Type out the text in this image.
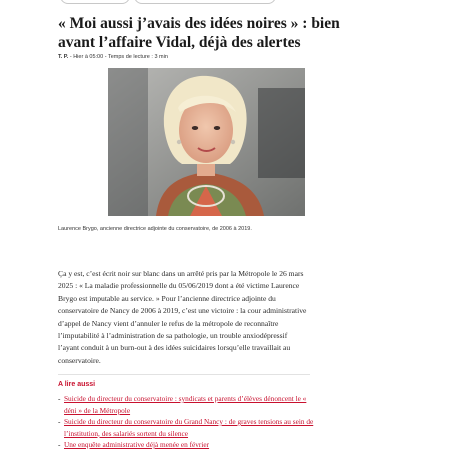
« Moi aussi j’avais des idées noires » : bien avant l’affaire Vidal, déjà des alertes
T. P. - Hier à 05:00 - Temps de lecture : 3 min
Laurence Brygo, ancienne directrice adjointe du conservatoire, de 2006 à 2019.

Ça y est, c’est écrit noir sur blanc dans un arrêté pris par la Métropole le 26 mars 2025 : « La maladie professionnelle du 05/06/2019 dont a été victime Laurence Brygo est imputable au service. » Pour l’ancienne directrice adjointe du conservatoire de Nancy de 2006 à 2019, c’est une victoire : la cour administrative d’appel de Nancy vient d’annuler le refus de la métropole de reconnaître l’imputabilité à l’administration de sa pathologie, un trouble anxiodépressif l’ayant conduit à un burn-out à des idées suicidaires lorsqu’elle travaillait au conservatoire.

A lire aussi
- Suicide du directeur du conservatoire : syndicats et parents d’élèves dénoncent le « déni » de la Métropole
- Suicide du directeur du conservatoire du Grand Nancy : de graves tensions au sein de l’institution, des salariés sortent du silence
- Une enquête administrative déjà menée en février
